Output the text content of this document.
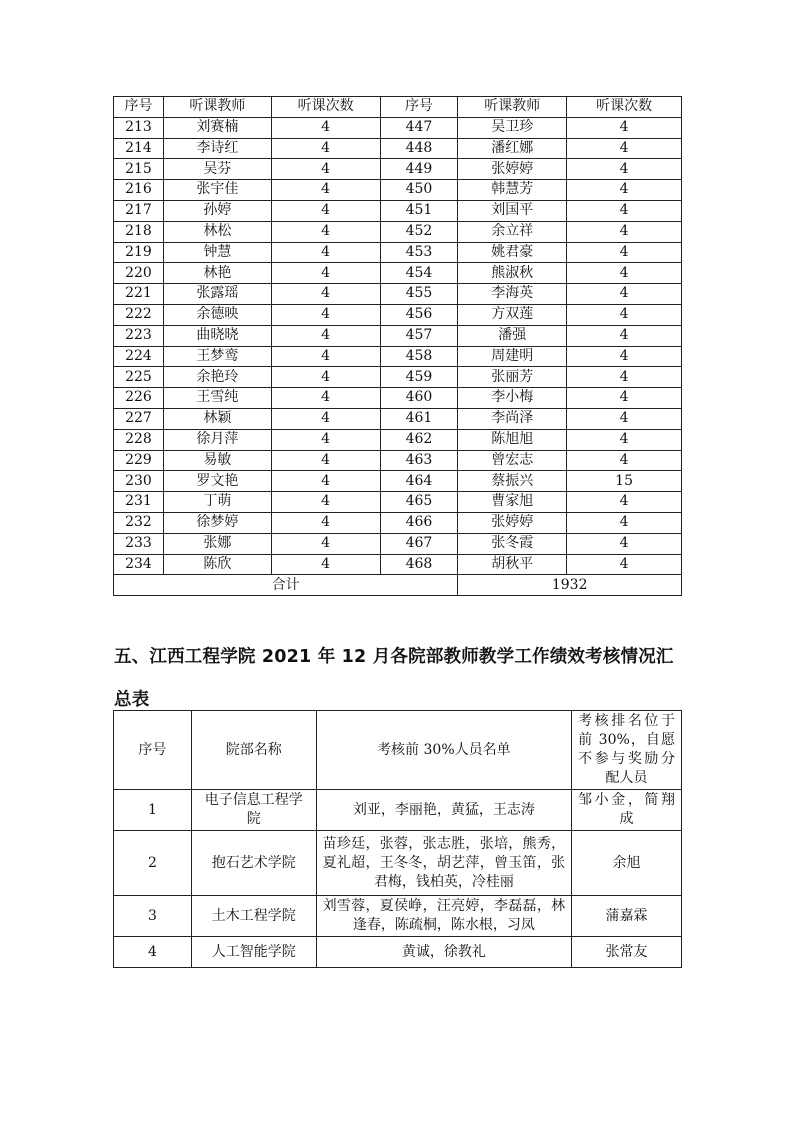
序号	听课教师	听课次数	序号	听课教师	听课次数
213	刘赛楠	4	447	吴卫珍	4
214	李诗红	4	448	潘红娜	4
215	吴芬	4	449	张婷婷	4
216	张宇佳	4	450	韩慧芳	4
217	孙婷	4	451	刘国平	4
218	林松	4	452	余立祥	4
219	钟慧	4	453	姚君豪	4
220	林艳	4	454	熊淑秋	4
221	张露瑶	4	455	李海英	4
222	余德映	4	456	方双莲	4
223	曲晓晓	4	457	潘强	4
224	王梦鸾	4	458	周建明	4
225	余艳玲	4	459	张丽芳	4
226	王雪纯	4	460	李小梅	4
227	林颖	4	461	李尚泽	4
228	徐月萍	4	462	陈旭旭	4
229	易敏	4	463	曾宏志	4
230	罗文艳	4	464	蔡振兴	15
231	丁萌	4	465	曹家旭	4
232	徐梦婷	4	466	张婷婷	4
233	张娜	4	467	张冬霞	4
234	陈欣	4	468	胡秋平	4
合计				1932	
五、江西工程学院 2021 年 12 月各院部教师教学工作绩效考核情况汇
总表
序号	院部名称	考核前 30%人员名单	考核排名位于前 30%，自愿不参与奖励分配人员
1	电子信息工程学院	刘亚，李丽艳，黄猛，王志涛	邹小金，简翔成
2	抱石艺术学院	苗珍廷，张蓉，张志胜，张培，熊秀，夏礼超，王冬冬，胡艺萍，曾玉笛，张君梅，钱柏英，冷桂丽	余旭
3	土木工程学院	刘雪蓉，夏侯峥，汪亮婷，李磊磊，林逢春，陈疏桐，陈水根，习凤	蒲嘉霖
4	人工智能学院	黄诚，徐教礼	张常友
